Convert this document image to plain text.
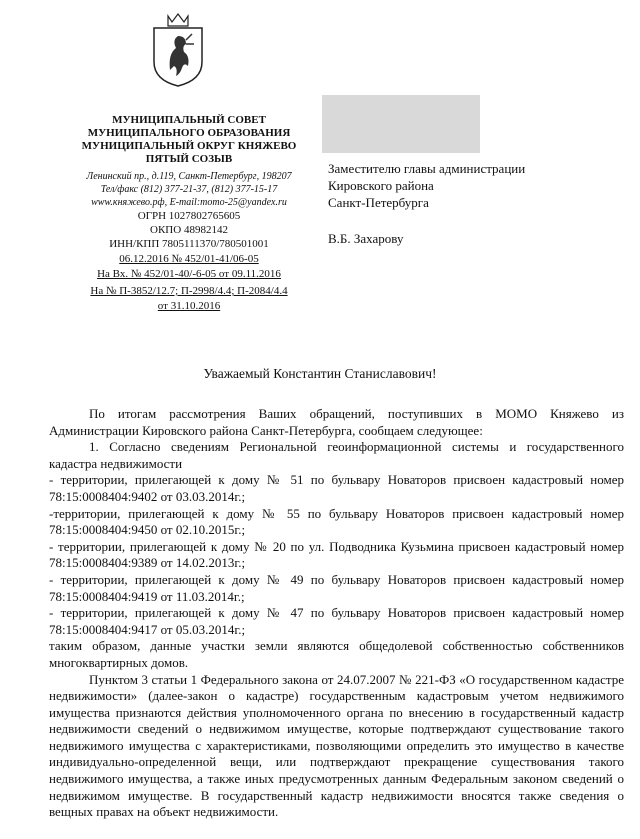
МУНИЦИПАЛЬНЫЙ СОВЕТ
МУНИЦИПАЛЬНОГО ОБРАЗОВАНИЯ
МУНИЦИПАЛЬНЫЙ ОКРУГ КНЯЖЕВО
ПЯТЫЙ СОЗЫВ
Ленинский пр., д.119, Санкт-Петербург, 198207
Тел/факс (812) 377-21-37, (812) 377-15-17
www.княжево.рф, E-mail:momo-25@yandex.ru
ОГРН 1027802765605
ОКПО 48982142
ИНН/КПП 7805111370/780501001
06.12.2016 № 452/01-41/06-05
На Вх. № 452/01-40/-6-05 от 09.11.2016
На № П-3852/12.7; П-2998/4.4; П-2084/4.4
от 31.10.2016
Заместителю главы администрации
Кировского района
Санкт-Петербурга
В.Б. Захарову
Уважаемый Константин Станиславович!

По итогам рассмотрения Ваших обращений, поступивших в МОМО Княжево из Администрации Кировского района Санкт-Петербурга, сообщаем следующее:

1. Согласно сведениям Региональной геоинформационной системы и государственного кадастра недвижимости

- территории, прилегающей к дому № 51 по бульвару Новаторов присвоен кадастровый номер 78:15:0008404:9402 от 03.03.2014г.;

-территории, прилегающей к дому № 55 по бульвару Новаторов присвоен кадастровый номер 78:15:0008404:9450 от 02.10.2015г.;

- территории, прилегающей к дому № 20 по ул. Подводника Кузьмина присвоен кадастровый номер 78:15:0008404:9389 от 14.02.2013г.;

- территории, прилегающей к дому № 49 по бульвару Новаторов присвоен кадастровый номер 78:15:0008404:9419 от 11.03.2014г.;

- территории, прилегающей к дому № 47 по бульвару Новаторов присвоен кадастровый номер 78:15:0008404:9417 от 05.03.2014г.;

таким образом, данные участки земли являются общедолевой собственностью собственников многоквартирных домов.

Пунктом 3 статьи 1 Федерального закона от 24.07.2007 № 221-ФЗ «О государственном кадастре недвижимости» (далее-закон о кадастре) государственным кадастровым учетом недвижимого имущества признаются действия уполномоченного органа по внесению в государственный кадастр недвижимости сведений о недвижимом имуществе, которые подтверждают существование такого недвижимого имущества с характеристиками, позволяющими определить это имущество в качестве индивидуально-определенной вещи, или подтверждают прекращение существования такого недвижимого имущества, а также иных предусмотренных данным Федеральным законом сведений о недвижимом имуществе. В государственный кадастр недвижимости вносятся также сведения о вещных правах на объект недвижимости.
